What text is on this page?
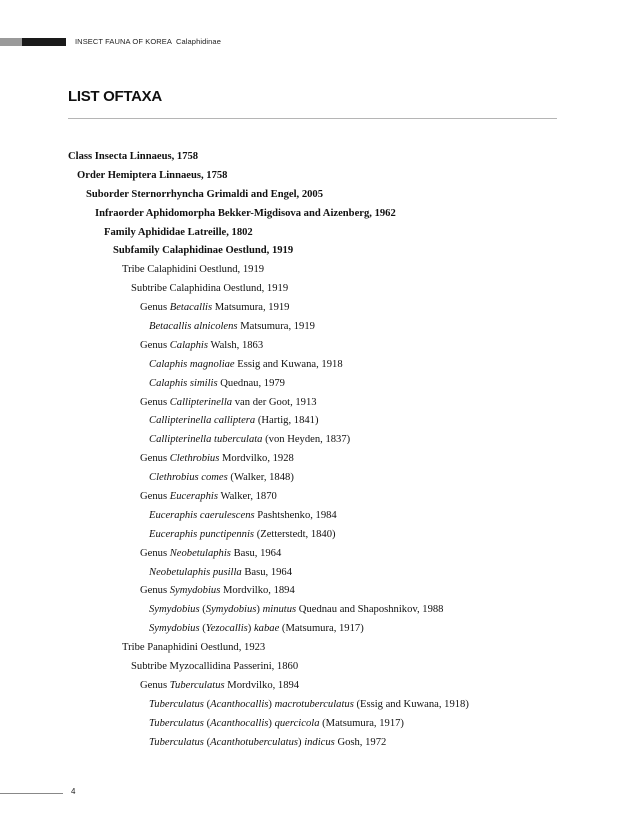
INSECT FAUNA OF KOREA Calaphidinae
LIST OFTAXA
Class Insecta Linnaeus, 1758
Order Hemiptera Linnaeus, 1758
Suborder Sternorrhyncha Grimaldi and Engel, 2005
Infraorder Aphidomorpha Bekker-Migdisova and Aizenberg, 1962
Family Aphididae Latreille, 1802
Subfamily Calaphidinae Oestlund, 1919
Tribe Calaphidini Oestlund, 1919
Subtribe Calaphidina Oestlund, 1919
Genus Betacallis Matsumura, 1919
Betacallis alnicolens Matsumura, 1919
Genus Calaphis Walsh, 1863
Calaphis magnoliae Essig and Kuwana, 1918
Calaphis similis Quednau, 1979
Genus Callipterinella van der Goot, 1913
Callipterinella calliptera (Hartig, 1841)
Callipterinella tuberculata (von Heyden, 1837)
Genus Clethrobius Mordvilko, 1928
Clethrobius comes (Walker, 1848)
Genus Euceraphis Walker, 1870
Euceraphis caerulescens Pashtshenko, 1984
Euceraphis punctipennis (Zetterstedt, 1840)
Genus Neobetulaphis Basu, 1964
Neobetulaphis pusilla Basu, 1964
Genus Symydobius Mordvilko, 1894
Symydobius (Symydobius) minutus Quednau and Shaposhnikov, 1988
Symydobius (Yezocallis) kabae (Matsumura, 1917)
Tribe Panaphidini Oestlund, 1923
Subtribe Myzocallidina Passerini, 1860
Genus Tuberculatus Mordvilko, 1894
Tuberculatus (Acanthocallis) macrotuberculatus (Essig and Kuwana, 1918)
Tuberculatus (Acanthocallis) quercicola (Matsumura, 1917)
Tuberculatus (Acanthotuberculatus) indicus Gosh, 1972
4
